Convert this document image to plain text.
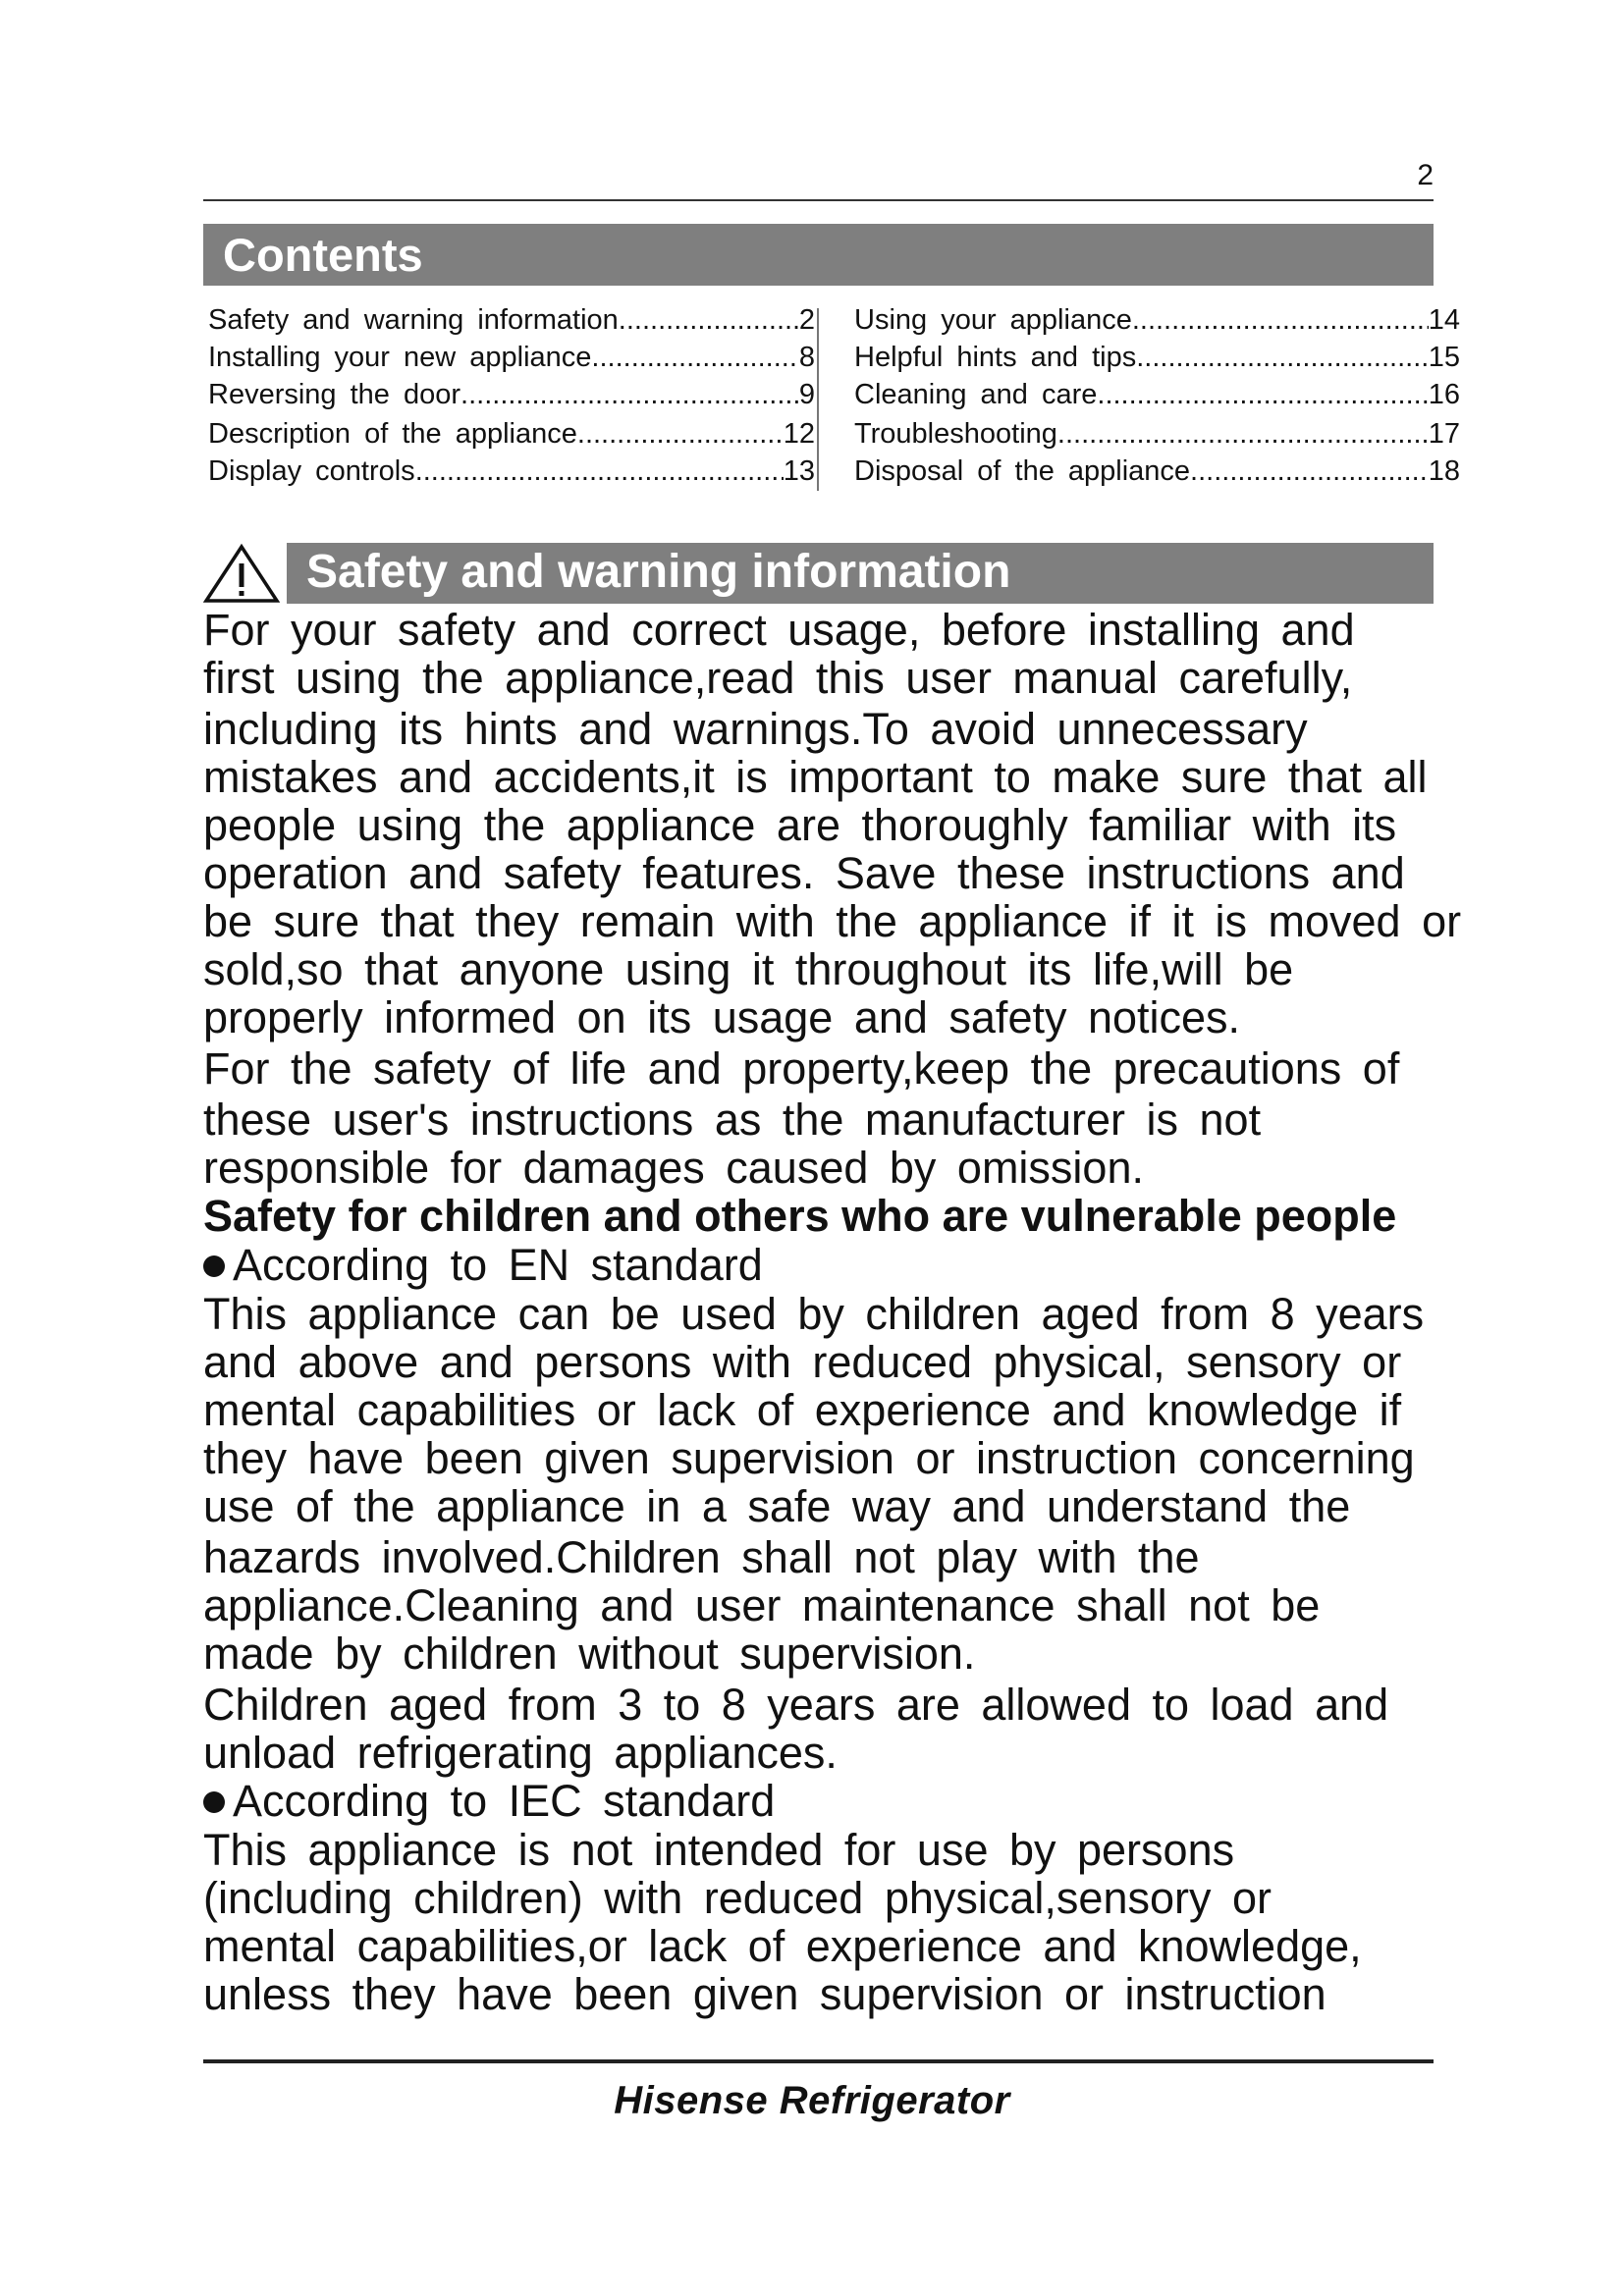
2
Contents
Safety and warning information .....	2
Installing your new appliance .....	8
Reversing the door .....	9
Description of the appliance .....	12
Display controls .....	13
Using your appliance .....	14
Helpful hints and tips .....	15
Cleaning and care .....	16
Troubleshooting .....	17
Disposal of the appliance .....	18
Safety and warning information
For your safety and correct usage, before installing and
first using the appliance,read this user manual carefully,
including its hints and warnings.To avoid unnecessary
mistakes and accidents,it is important to make sure that all
people using the appliance are thoroughly familiar with its
operation and safety features. Save these instructions and
be sure that they remain with the appliance if it is moved or
sold,so that anyone using it throughout its life,will be
properly informed on its usage and safety notices.
For the safety of life and property,keep the precautions of
these user's instructions as the manufacturer is not
responsible for damages caused by omission.
Safety for children and others who are vulnerable people
According to EN standard
This appliance can be used by children aged from 8 years
and above and persons with reduced physical, sensory or
mental capabilities or lack of experience and knowledge if
they have been given supervision or instruction concerning
use of the appliance in a safe way and understand the
hazards involved.Children shall not play with the
appliance.Cleaning and user maintenance shall not be
made by children without supervision.
Children aged from 3 to 8 years are allowed to load and
unload refrigerating appliances.
According to IEC standard
This appliance is not intended for use by persons
(including children) with reduced physical,sensory or
mental capabilities,or lack of experience and knowledge,
unless they have been given supervision or instruction
Hisense Refrigerator
